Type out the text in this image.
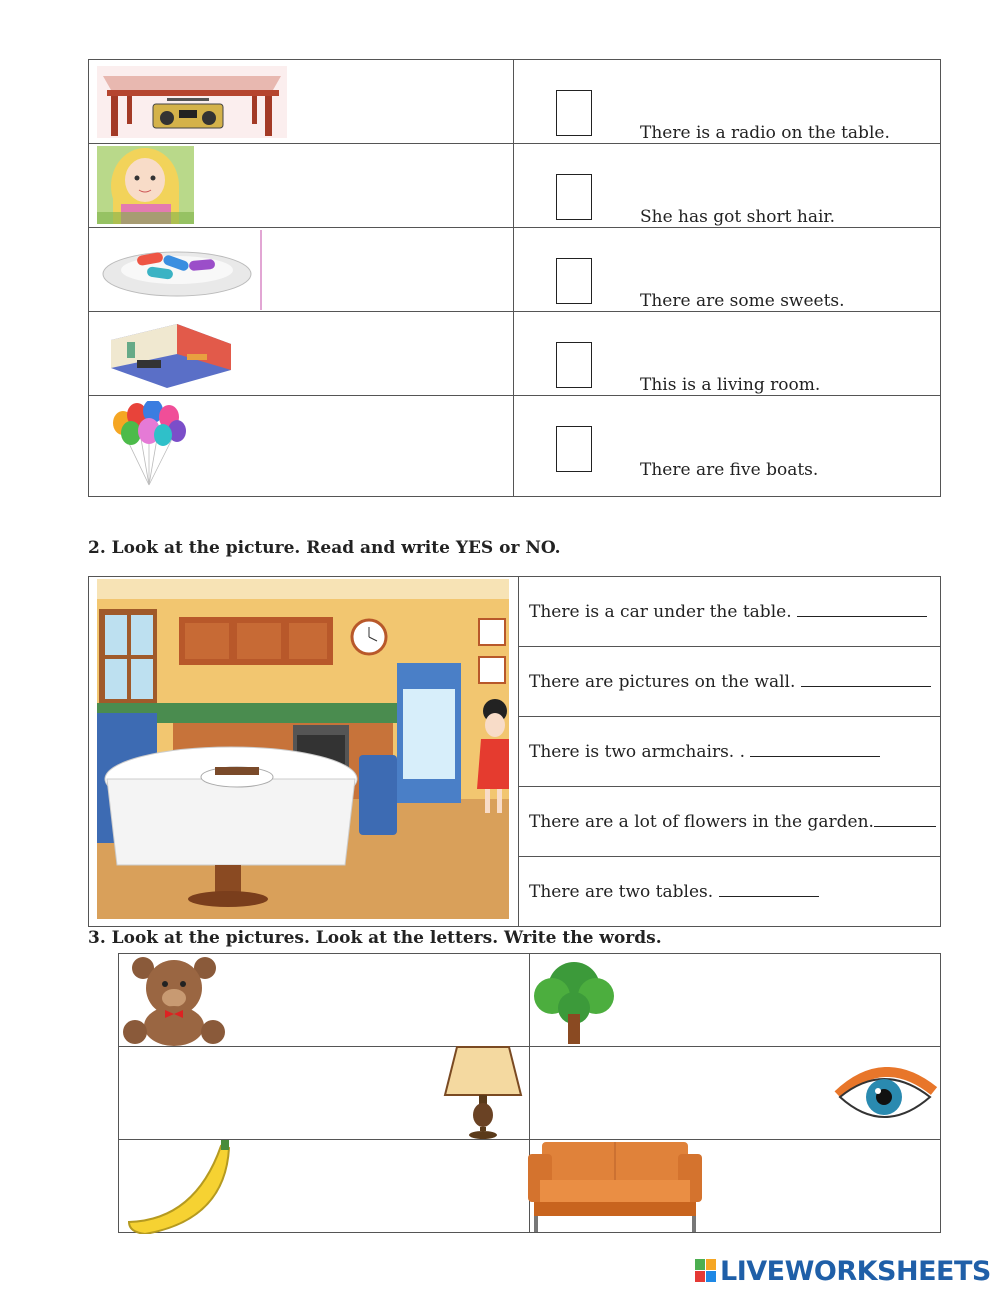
There is a radio on the table.

She has got short hair.

There are some sweets.

This is a living room.

There are five boats.
2. Look at the picture. Read and write YES or NO.
	There is a car under the table.
There are pictures on the wall.
There is two armchairs. .
There are a lot of flowers in the garden.
There are two tables.
3. Look at the pictures. Look at the letters. Write the words.

LIVEWORKSHEETS
